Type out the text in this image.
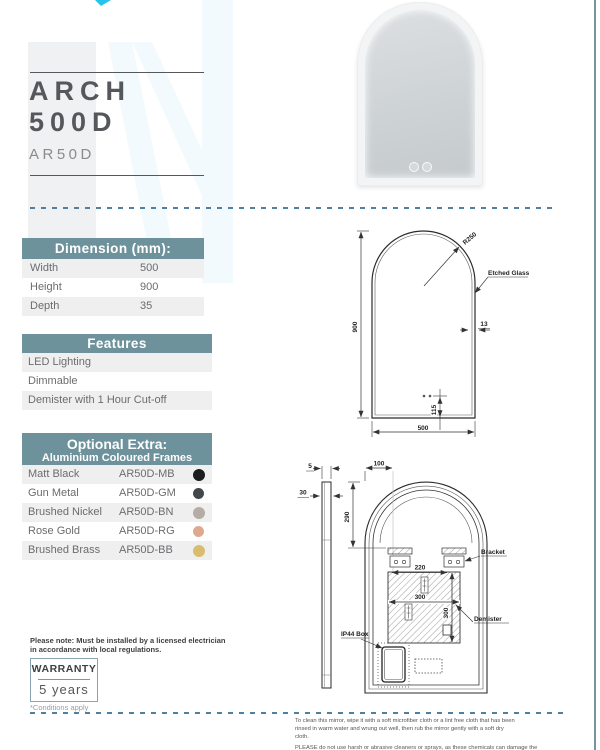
ARCH
500D
AR50D
Dimension (mm):
Width	500
Height	900
Depth	35
Features
LED Lighting
Dimmable
Demister with 1 Hour Cut-off
Optional Extra:
Aluminium Coloured Frames
Matt Black	AR50D-MB
Gun Metal	AR50D-GM
Brushed Nickel AR50D-BN
Rose Gold	AR50D-RG
Brushed Brass AR50D-BB
Please note: Must be installed by a licensed electrician
in accordance with local regulations.
WARRANTY
5 years
*Conditions apply
900
500
R250
Etched Glass
13
115
5
30
100
290
Bracket
220
300
300
Demister
IP44 Box
To clean this mirror, wipe it with a soft microfiber cloth or a lint free cloth that has been
rinsed in warm water and wrung out well, then rub the mirror gently with a soft dry
cloth.
PLEASE do not use harsh or abrasive cleaners or sprays, as these chemicals can damage the
